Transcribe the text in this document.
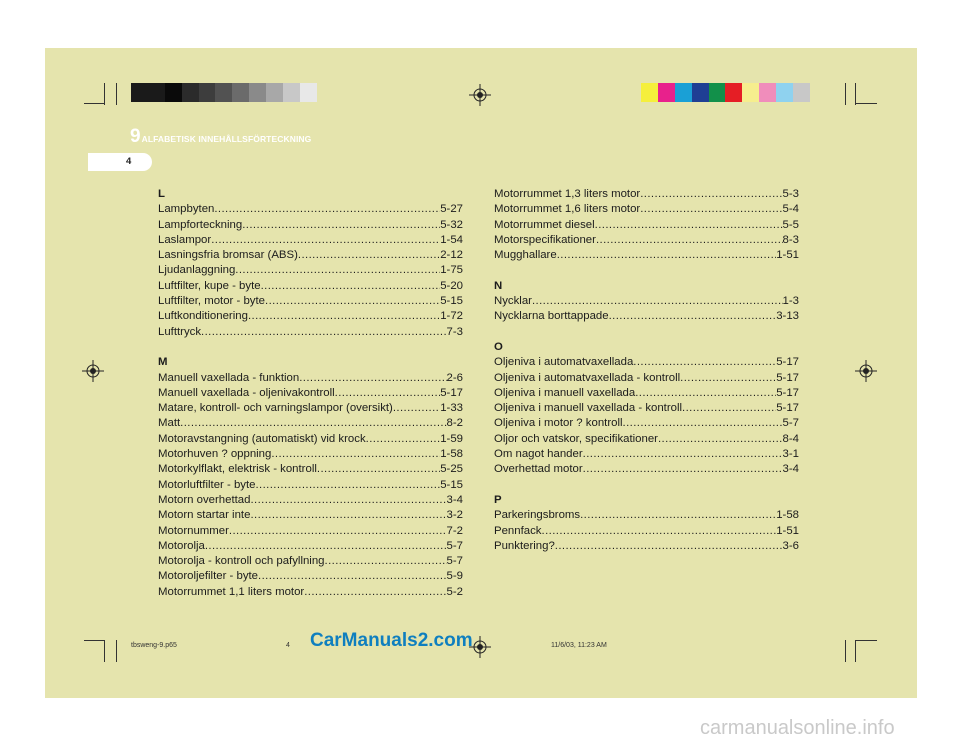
9 ALFABETISK INNEHÅLLSFÖRTECKNING
4
L
Lampbyten .....	5-27
Lampforteckning .....	5-32
Laslampor .....	1-54
Lasningsfria bromsar (ABS) .....	2-12
Ljudanlaggning .....	1-75
Luftfilter, kupe - byte .....	5-20
Luftfilter, motor - byte .....	5-15
Luftkonditionering .....	1-72
Lufttryck .....	7-3
M
Manuell vaxellada - funktion .....	2-6
Manuell vaxellada - oljenivakontroll .....	5-17
Matare, kontroll- och varningslampor (oversikt) .....	1-33
Matt .....	8-2
Motoravstangning (automatiskt) vid krock .....	1-59
Motorhuven ? oppning .....	1-58
Motorkylflakt, elektrisk - kontroll .....	5-25
Motorluftfilter - byte .....	5-15
Motorn overhettad .....	3-4
Motorn startar inte .....	3-2
Motornummer .....	7-2
Motorolja .....	5-7
Motorolja - kontroll och pafyllning .....	5-7
Motoroljefilter - byte .....	5-9
Motorrummet 1,1 liters motor .....	5-2
Motorrummet 1,3 liters motor .....	5-3
Motorrummet 1,6 liters motor .....	5-4
Motorrummet diesel .....	5-5
Motorspecifikationer .....	8-3
Mugghallare .....	1-51
N
Nycklar .....	1-3
Nycklarna borttappade .....	3-13
O
Oljeniva i automatvaxellada .....	5-17
Oljeniva i automatvaxellada - kontroll .....	5-17
Oljeniva i manuell vaxellada .....	5-17
Oljeniva i manuell vaxellada - kontroll .....	5-17
Oljeniva i motor ? kontroll .....	5-7
Oljor och vatskor, specifikationer .....	8-4
Om nagot hander .....	3-1
Overhettad motor .....	3-4
P
Parkeringsbroms .....	1-58
Pennfack .....	1-51
Punktering? .....	3-6
tbsweng-9.p65	4	11/6/03, 11:23 AM
CarManuals2.com
carmanualsonline.info
